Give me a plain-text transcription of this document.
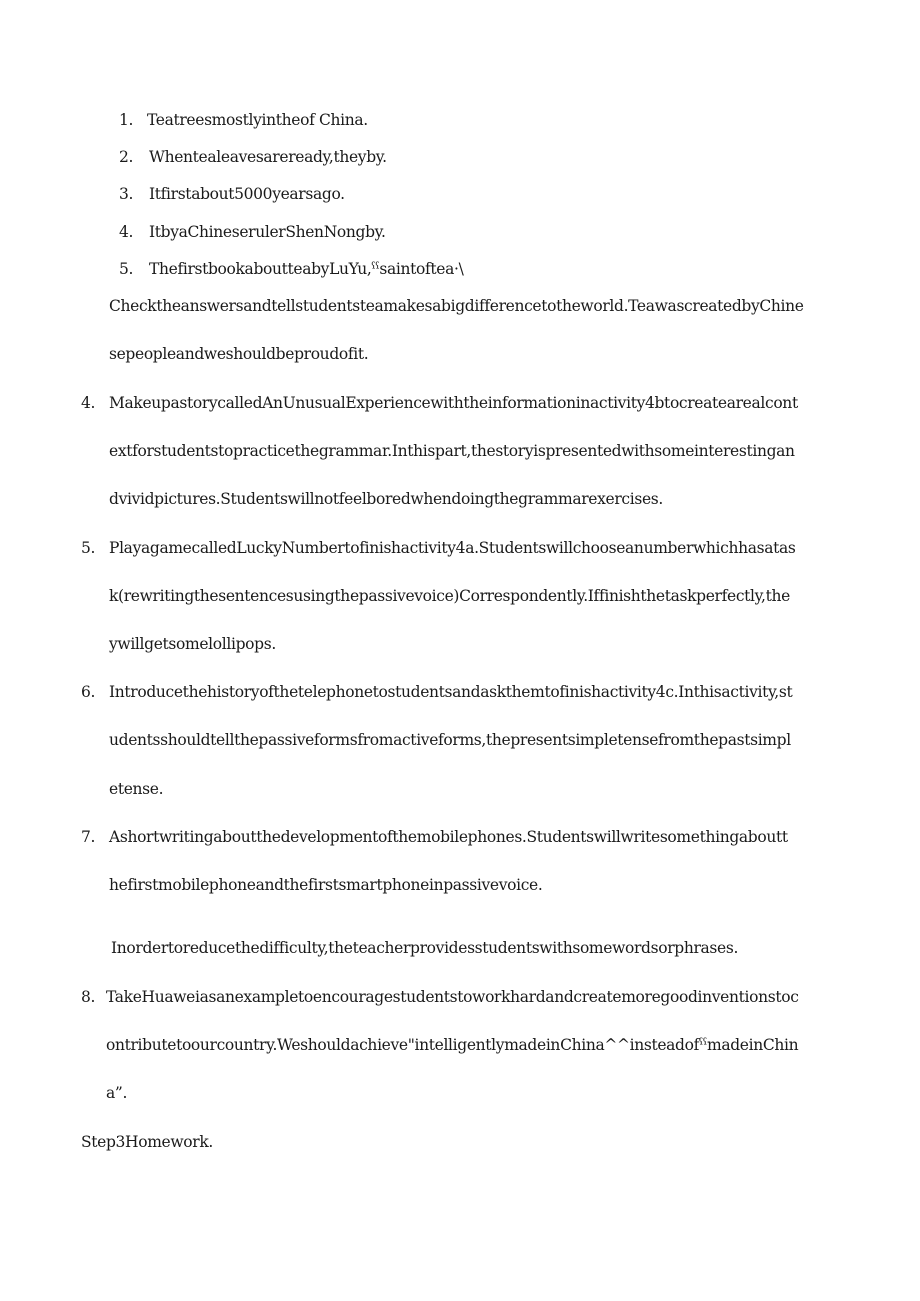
1. Teatreesmostlyintheof China.
2. Whentealeavesareready,theyby.
3. Itfirstabout5000yearsago.
4. ItbyaChineserulerShenNongby.
5. ThefirstbookaboutteabyLuYu,ˤˤsaintoftea·\
Checktheanswersandtellstudentsteamakesabigdifferencetotheworld.TeawascreatedbyChine
sepeopleandweshouldbeproudofit.
4. MakeupastorycalledAnUnusualExperiencewiththeinformationinactivity4btocreatearealcont
extforstudentstopracticethegrammar.Inthispart,thestoryispresentedwithsomeinterestingan
dvividpictures.Studentswillnotfeelboredwhendoingthegrammarexercises.
5. PlayagamecalledLuckyNumbertofinishactivity4a.Studentswillchooseanumberwhichhasatas
k(rewritingthesentencesusingthepassivevoice)Correspondently.Iffinishthetaskperfectly,the
ywillgetsomelollipops.
6. Introducethehistoryofthetelephonetostudentsandaskthemtofinishactivity4c.Inthisactivity,st
udentsshouldtellthepassiveformsfromactiveforms,thepresentsimpletensefromthepastsimpl
etense.
7. Ashortwritingaboutthedevelopmentofthemobilephones.Studentswillwritesomethingaboutt
hefirstmobilephoneandthefirstsmartphoneinpassivevoice.
Inordertoreducethedifficulty,theteacherprovidesstudentswithsomewordsorphrases.
8. TakeHuaweiasanexampletoencouragestudentstoworkhardandcreatemoregoodinventionstoc
ontributetoourcountry.Weshouldachieve"intelligentlymadeinChina^^insteadofˤˤmadeinChin
a”.
Step3Homework.
